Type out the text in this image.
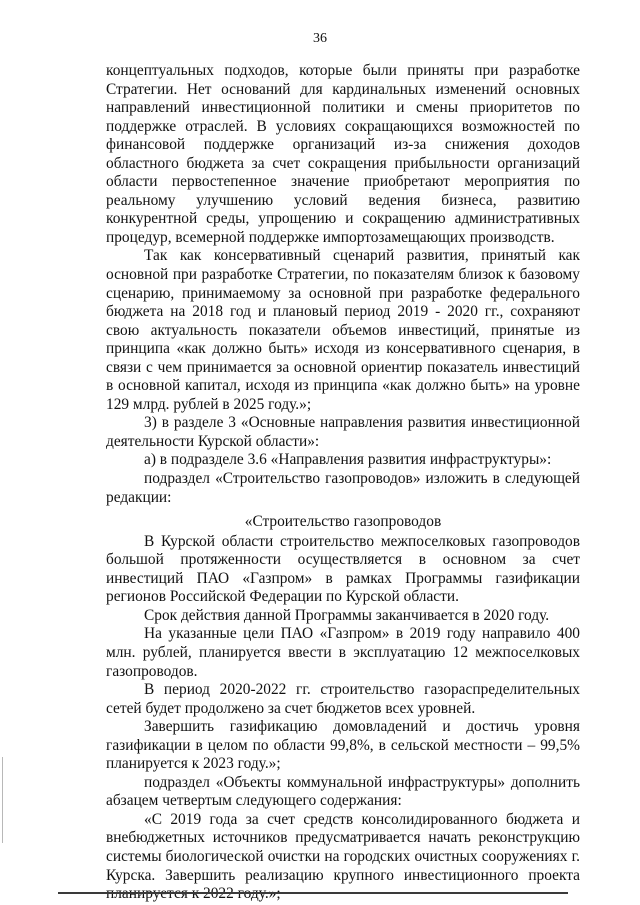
36

концептуальных подходов, которые были приняты при разработке Стратегии. Нет оснований для кардинальных изменений основных направлений инвестиционной политики и смены приоритетов по поддержке отраслей. В условиях сокращающихся возможностей по финансовой поддержке организаций из-за снижения доходов областного бюджета за счет сокращения прибыльности организаций области первостепенное значение приобретают мероприятия по реальному улучшению условий ведения бизнеса, развитию конкурентной среды, упрощению и сокращению административных процедур, всемерной поддержке импортозамещающих производств.

Так как консервативный сценарий развития, принятый как основной при разработке Стратегии, по показателям близок к базовому сценарию, принимаемому за основной при разработке федерального бюджета на 2018 год и плановый период 2019 - 2020 гг., сохраняют свою актуальность показатели объемов инвестиций, принятые из принципа «как должно быть» исходя из консервативного сценария, в связи с чем принимается за основной ориентир показатель инвестиций в основной капитал, исходя из принципа «как должно быть» на уровне 129 млрд. рублей в 2025 году.»;

3) в разделе 3 «Основные направления развития инвестиционной деятельности Курской области»:

а) в подразделе 3.6 «Направления развития инфраструктуры»:

подраздел «Строительство газопроводов» изложить в следующей редакции:

«Строительство газопроводов

В Курской области строительство межпоселковых газопроводов большой протяженности осуществляется в основном за счет инвестиций ПАО «Газпром» в рамках Программы газификации регионов Российской Федерации по Курской области.

Срок действия данной Программы заканчивается в 2020 году.

На указанные цели ПАО «Газпром» в 2019 году направило 400 млн. рублей, планируется ввести в эксплуатацию 12 межпоселковых газопроводов.

В период 2020-2022 гг. строительство газораспределительных сетей будет продолжено за счет бюджетов всех уровней.

Завершить газификацию домовладений и достичь уровня газификации в целом по области 99,8%, в сельской местности – 99,5% планируется к 2023 году.»;

подраздел «Объекты коммунальной инфраструктуры» дополнить абзацем четвертым следующего содержания:

«С 2019 года за счет средств консолидированного бюджета и внебюджетных источников предусматривается начать реконструкцию системы биологической очистки на городских очистных сооружениях г. Курска. Завершить реализацию крупного инвестиционного проекта
